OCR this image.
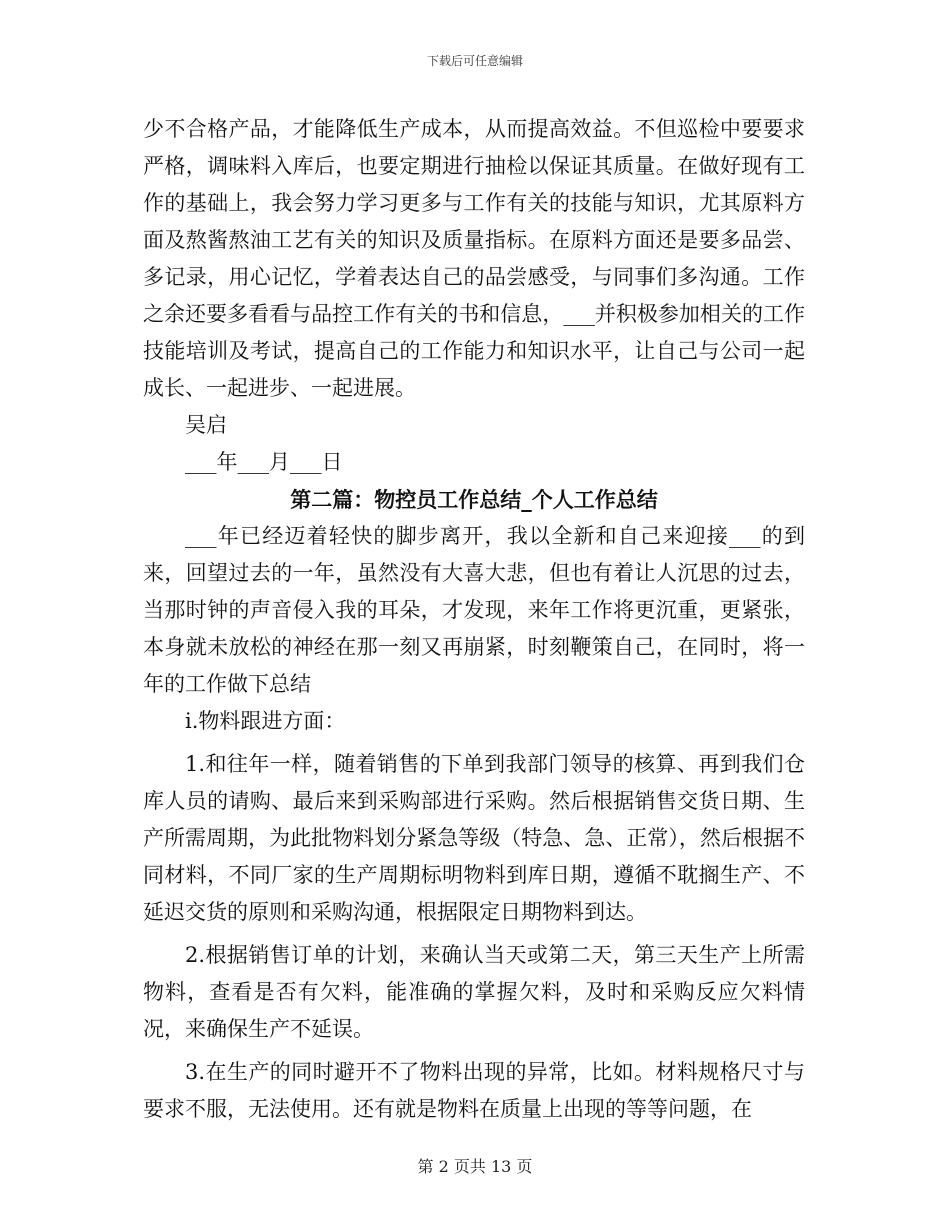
下载后可任意编辑

少不合格产品，才能降低生产成本，从而提高效益。不但巡检中要要求严格，调味料入库后，也要定期进行抽检以保证其质量。在做好现有工作的基础上，我会努力学习更多与工作有关的技能与知识，尤其原料方面及熬酱熬油工艺有关的知识及质量指标。在原料方面还是要多品尝、多记录，用心记忆，学着表达自己的品尝感受，与同事们多沟通。工作之余还要多看看与品控工作有关的书和信息，___并积极参加相关的工作技能培训及考试，提高自己的工作能力和知识水平，让自己与公司一起成长、一起进步、一起进展。

吴启

___年___月___日

第二篇：物控员工作总结_个人工作总结

___年已经迈着轻快的脚步离开，我以全新和自己来迎接___的到来，回望过去的一年，虽然没有大喜大悲，但也有着让人沉思的过去，当那时钟的声音侵入我的耳朵，才发现，来年工作将更沉重，更紧张，本身就未放松的神经在那一刻又再崩紧，时刻鞭策自己，在同时，将一年的工作做下总结

i.物料跟进方面：

1.和往年一样，随着销售的下单到我部门领导的核算、再到我们仓库人员的请购、最后来到采购部进行采购。然后根据销售交货日期、生产所需周期，为此批物料划分紧急等级（特急、急、正常），然后根据不同材料，不同厂家的生产周期标明物料到库日期，遵循不耽搁生产、不延迟交货的原则和采购沟通，根据限定日期物料到达。

2.根据销售订单的计划，来确认当天或第二天，第三天生产上所需物料，查看是否有欠料，能准确的掌握欠料，及时和采购反应欠料情况，来确保生产不延误。

3.在生产的同时避开不了物料出现的异常，比如。材料规格尺寸与要求不服，无法使用。还有就是物料在质量上出现的等等问题，在

第 2 页共 13 页
